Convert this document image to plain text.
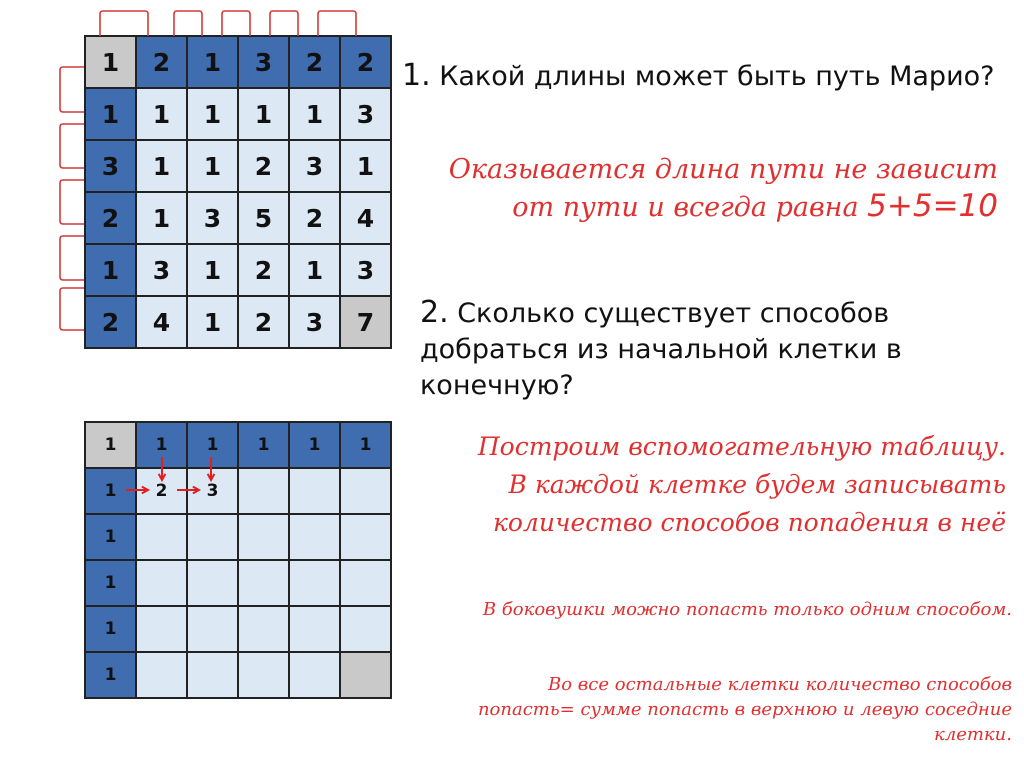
1	2	1	3	2	2
1	1	1	1	1	3
3	1	1	2	3	1
2	1	3	5	2	4
1	3	1	2	1	3
2	4	1	2	3	7
1	1	1	1	1	1
1	2	3			
1					
1					
1					
1					

1. Какой длины может быть путь Марио?

Оказывается длина пути не зависит
от пути и всегда равна 5+5=10

2. Сколько существует способов добраться из начальной клетки в конечную?

Построим вспомогательную таблицу. В каждой клетке будем записывать количество способов попадения в неё

В боковушки можно попасть только одним способом.

Во все остальные клетки количество способов попасть= сумме попасть в верхнюю и левую соседние клетки.
